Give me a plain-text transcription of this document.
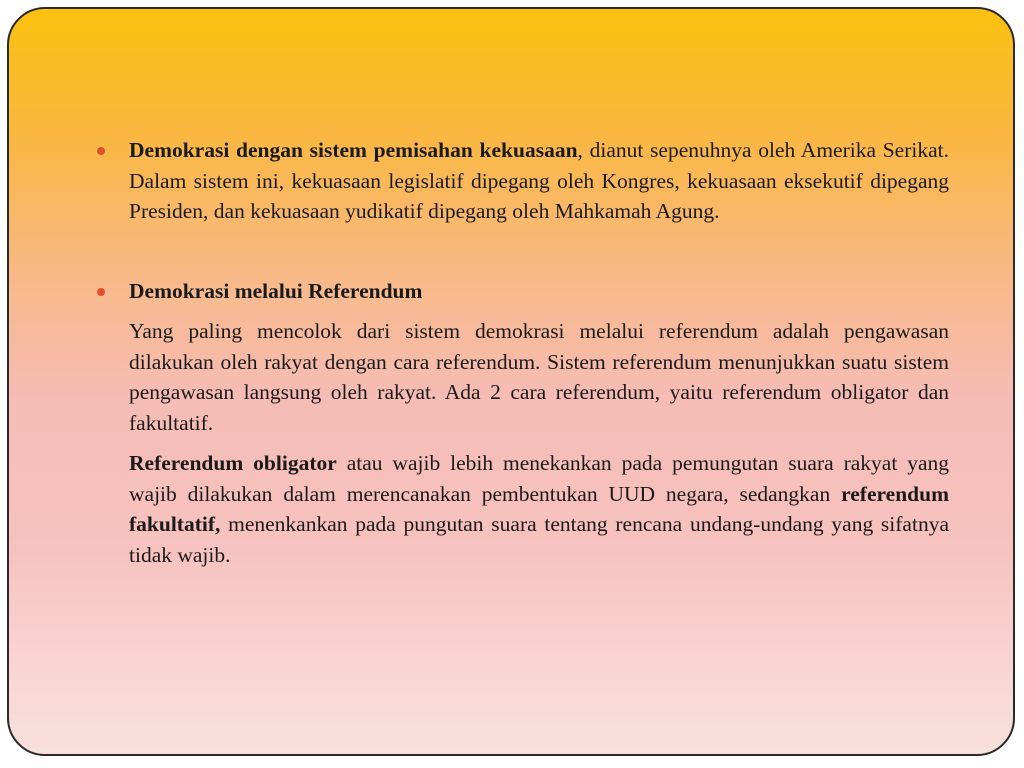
Demokrasi dengan sistem pemisahan kekuasaan, dianut sepenuhnya oleh Amerika Serikat. Dalam sistem ini, kekuasaan legislatif dipegang oleh Kongres, kekuasaan eksekutif dipegang Presiden, dan kekuasaan yudikatif dipegang oleh Mahkamah Agung.

Demokrasi melalui Referendum

Yang paling mencolok dari sistem demokrasi melalui referendum adalah pengawasan dilakukan oleh rakyat dengan cara referendum. Sistem referendum menunjukkan suatu sistem pengawasan langsung oleh rakyat. Ada 2 cara referendum, yaitu referendum obligator dan fakultatif.

Referendum obligator atau wajib lebih menekankan pada pemungutan suara rakyat yang wajib dilakukan dalam merencanakan pembentukan UUD negara, sedangkan referendum fakultatif, menenkankan pada pungutan suara tentang rencana undang-undang yang sifatnya tidak wajib.
